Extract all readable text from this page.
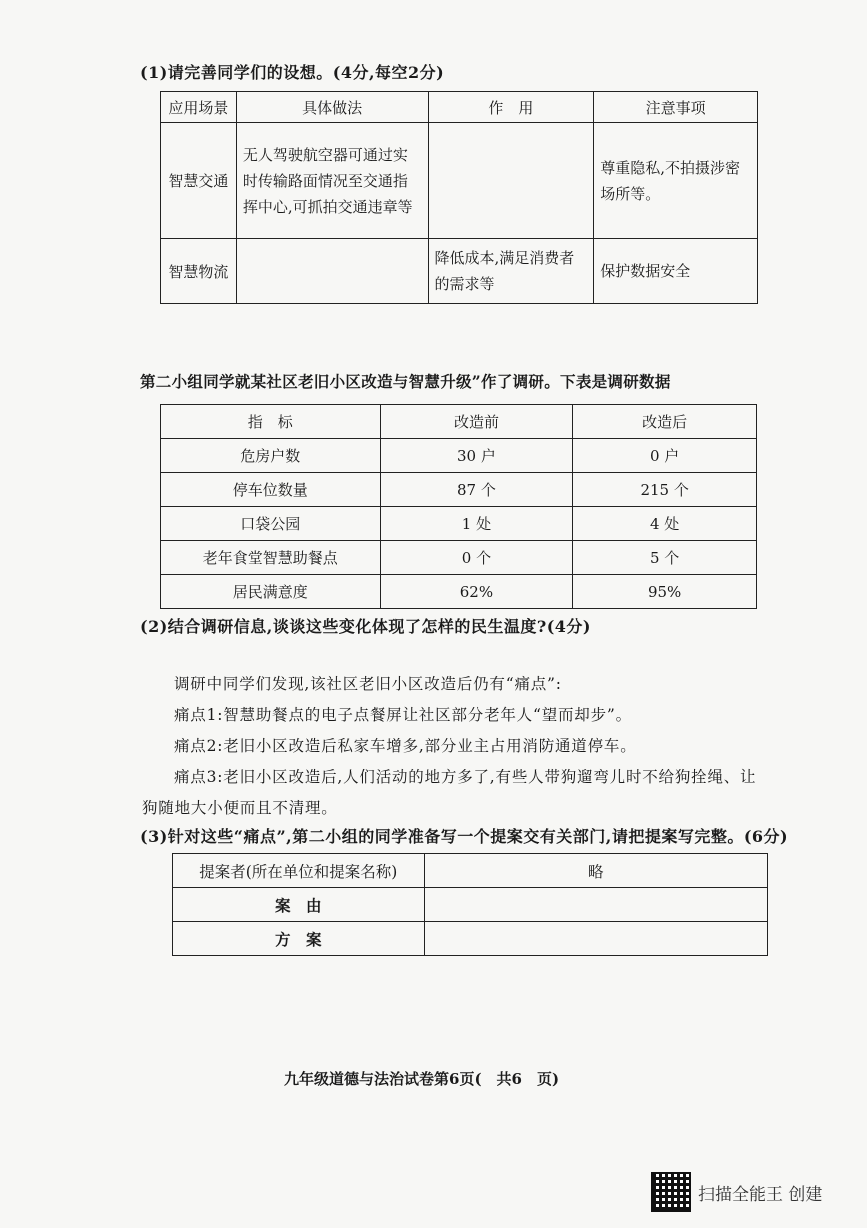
(1)请完善同学们的设想。(4分,每空2分)
应用场景	具体做法	作　用	注意事项
智慧交通	无人驾驶航空器可通过实时传输路面情况至交通指挥中心,可抓拍交通违章等		尊重隐私,不拍摄涉密场所等。
智慧物流		降低成本,满足消费者的需求等	保护数据安全
第二小组同学就某社区老旧小区改造与智慧升级”作了调研。下表是调研数据
指　标	改造前	改造后
危房户数	30 户	0 户
停车位数量	87 个	215 个
口袋公园	1 处	4 处
老年食堂智慧助餐点	0 个	5 个
居民满意度	62%	95%
(2)结合调研信息,谈谈这些变化体现了怎样的民生温度?(4分)
调研中同学们发现,该社区老旧小区改造后仍有“痛点”:
痛点1:智慧助餐点的电子点餐屏让社区部分老年人“望而却步”。
痛点2:老旧小区改造后私家车增多,部分业主占用消防通道停车。
痛点3:老旧小区改造后,人们活动的地方多了,有些人带狗遛弯儿时不给狗拴绳、让
狗随地大小便而且不清理。
(3)针对这些“痛点”,第二小组的同学准备写一个提案交有关部门,请把提案写完整。(6分)
提案者(所在单位和提案名称)	略
案　由	
方　案	
九年级道德与法治试卷第6页(　共6　页)
扫描全能王 创建
